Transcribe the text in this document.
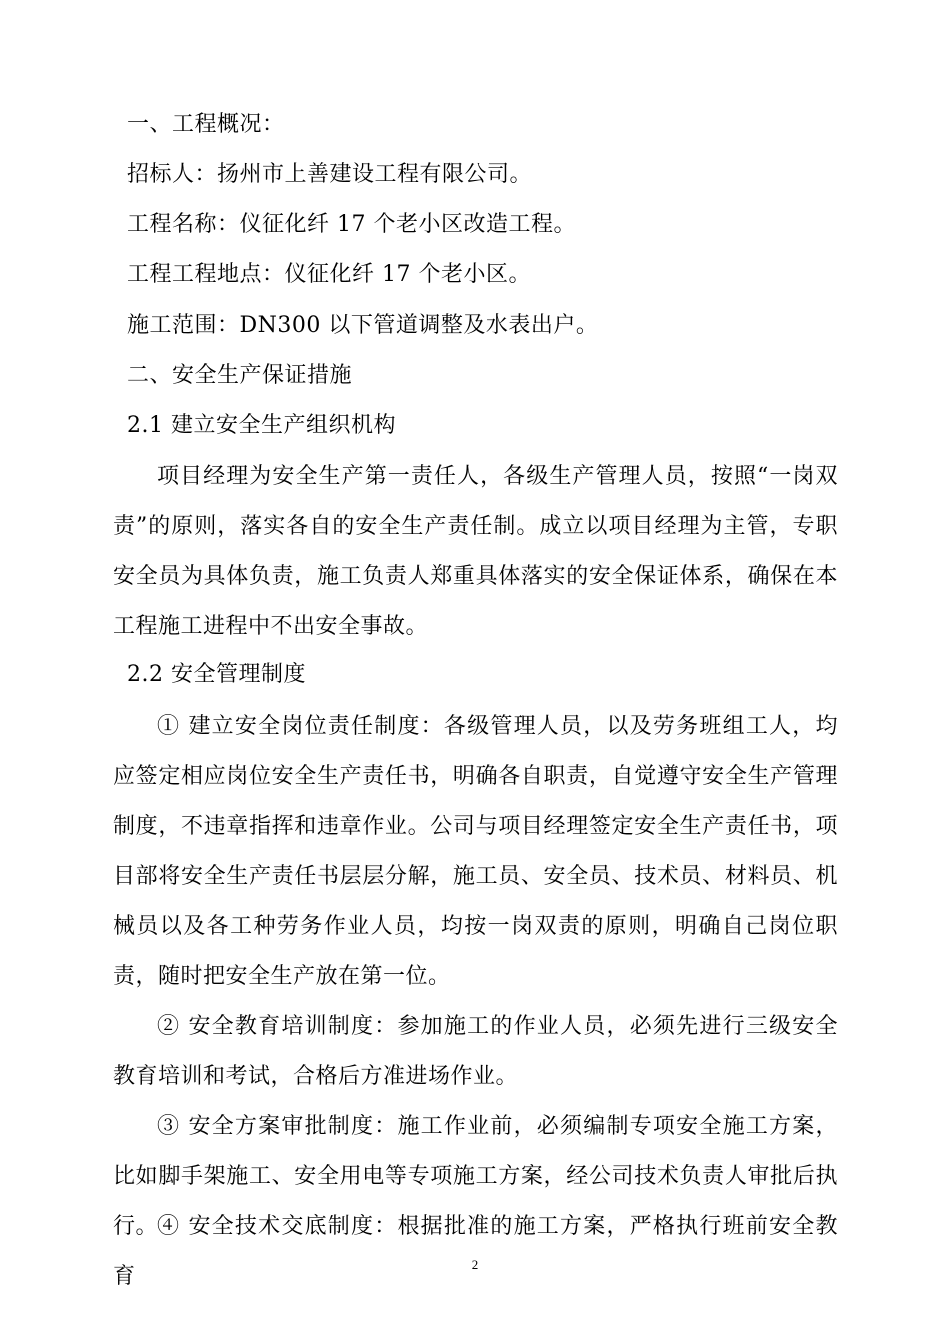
一、工程概况：
招标人：扬州市上善建设工程有限公司。
工程名称：仪征化纤 17 个老小区改造工程。
工程工程地点：仪征化纤 17 个老小区。
施工范围：DN300 以下管道调整及水表出户。
二、安全生产保证措施
2.1 建立安全生产组织机构
项目经理为安全生产第一责任人，各级生产管理人员，按照“一岗双责”的原则，落实各自的安全生产责任制。成立以项目经理为主管，专职安全员为具体负责，施工负责人郑重具体落实的安全保证体系，确保在本工程施工进程中不出安全事故。
2.2 安全管理制度
① 建立安全岗位责任制度：各级管理人员，以及劳务班组工人，均应签定相应岗位安全生产责任书，明确各自职责，自觉遵守安全生产管理制度，不违章指挥和违章作业。公司与项目经理签定安全生产责任书，项目部将安全生产责任书层层分解，施工员、安全员、技术员、材料员、机械员以及各工种劳务作业人员，均按一岗双责的原则，明确自己岗位职责，随时把安全生产放在第一位。
② 安全教育培训制度：参加施工的作业人员，必须先进行三级安全教育培训和考试，合格后方准进场作业。
③ 安全方案审批制度：施工作业前，必须编制专项安全施工方案，比如脚手架施工、安全用电等专项施工方案，经公司技术负责人审批后执行。
④ 安全技术交底制度：根据批准的施工方案，严格执行班前安全教育	2
